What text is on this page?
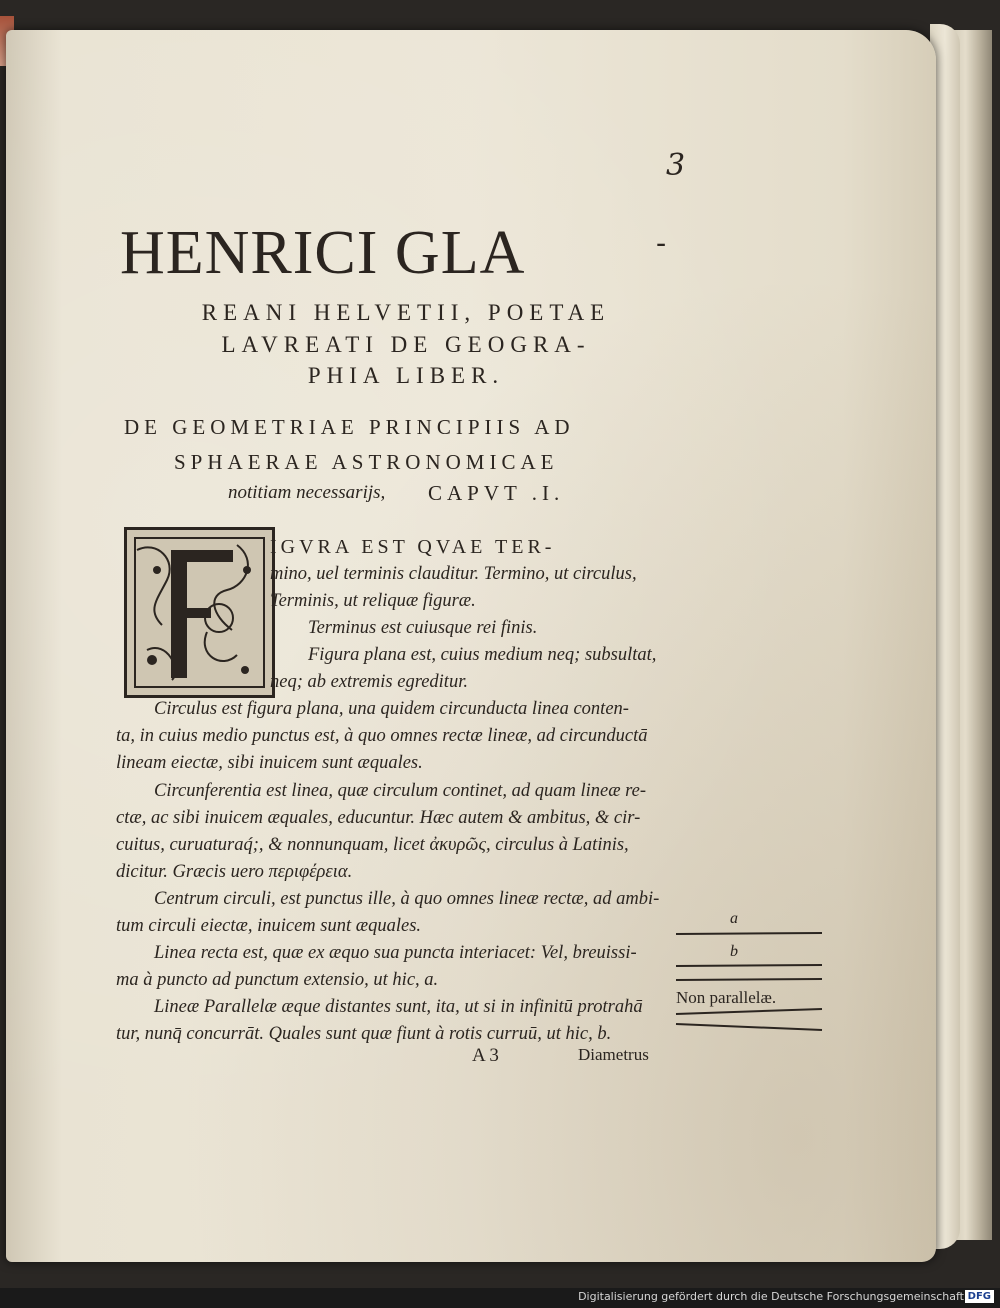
3
HENRICI GLA	-
REANI HELVETII, POETAE
LAVREATI DE GEOGRA-
PHIA LIBER.
DE GEOMETRIAE PRINCIPIIS AD
SPHAERAE ASTRONOMICAE
notitiam necessarijs, CAPVT .I.
IGVRA EST QVAE TER-
mino, uel terminis clauditur. Termino, ut circulus,
Terminis, ut reliquæ figuræ.
Terminus est cuiusque rei finis.
Figura plana est, cuius medium neq; subsultat,
neq; ab extremis egreditur.
Circulus est figura plana, una quidem circunducta linea conten-
ta, in cuius medio punctus est, à quo omnes rectæ lineæ, ad circunductā
lineam eiectæ, sibi inuicem sunt æquales.
Circunferentia est linea, quæ circulum continet, ad quam lineæ re-
ctæ, ac sibi inuicem æquales, educuntur. Hæc autem & ambitus, & cir-
cuitus, curuaturaq́;, & nonnunquam, licet ἀκυρῶς, circulus à Latinis,
dicitur. Græcis uero περιφέρεια.
Centrum circuli, est punctus ille, à quo omnes lineæ rectæ, ad ambi-
tum circuli eiectæ, inuicem sunt æquales.
Linea recta est, quæ ex æquo sua puncta interiacet: Vel, breuissi-
ma à puncto ad punctum extensio, ut hic, a.
Lineæ Parallelæ æque distantes sunt, ita, ut si in infinitū protrahā
tur, nunq̄ concurrāt. Quales sunt quæ fiunt à rotis curruū, ut hic, b.
a
b
Non parallelæ.
A 3	Diametrus
Digitalisierung gefördert durch die Deutsche Forschungsgemeinschaft DFG
